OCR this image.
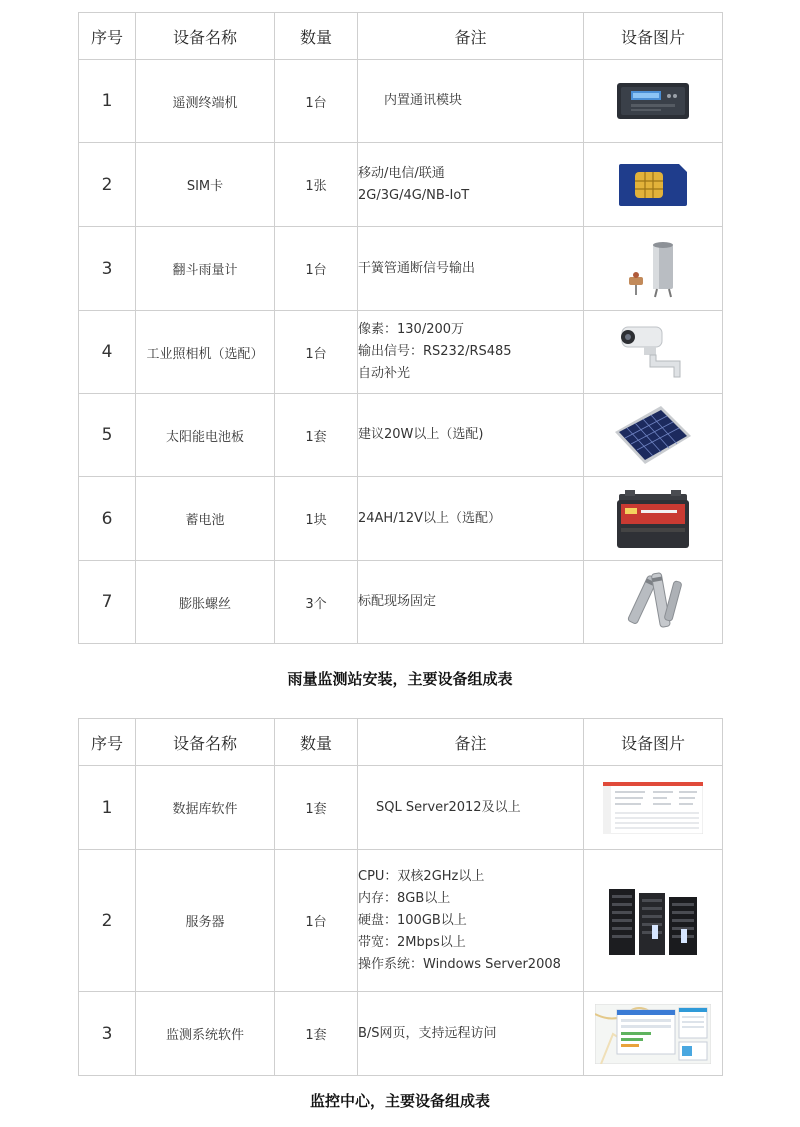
序号	设备名称	数量	备注	设备图片
1	遥测终端机	1台	内置通讯模块

2	SIM卡	1张	移动/电信/联通
2G/3G/4G/NB-IoT

3	翻斗雨量计	1台	干簧管通断信号输出

4	工业照相机（选配）	1台	像素：130/200万
输出信号：RS232/RS485
自动补光

5	太阳能电池板	1套	建议20W以上（选配)

6	蓄电池	1块	24AH/12V以上（选配）

7	膨胀螺丝	3个	标配现场固定

雨量监测站安装，主要设备组成表
序号	设备名称	数量	备注	设备图片
1	数据库软件	1套	SQL Server2012及以上

2	服务器	1台	CPU：双核2GHz以上
内存：8GB以上
硬盘：100GB以上
带宽：2Mbps以上
操作系统：Windows Server2008

3	监测系统软件	1套	B/S网页，支持远程访问

监控中心，主要设备组成表
